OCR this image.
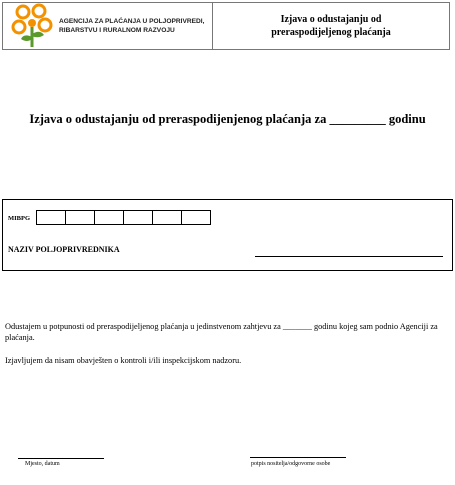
AGENCIJA ZA PLAĆANJA U POLJOPRIVREDI,
RIBARSTVU I RURALNOM RAZVOJU
Izjava o odustajanju od
preraspodijeljenog plaćanja
Izjava o odustajanju od preraspodijenjenog plaćanja za _________ godinu
MIBPG
NAZIV POLJOPRIVREDNIKA
Odustajem u potpunosti od preraspodijeljenog plaćanja u jedinstvenom zahtjevu za _______ godinu kojeg sam podnio Agenciji za plaćanja.
Izjavljujem da nisam obavješten o kontroli i/ili inspekcijskom nadzoru.
Mjesto, datum	potpis nositelja/odgovorne osobe
